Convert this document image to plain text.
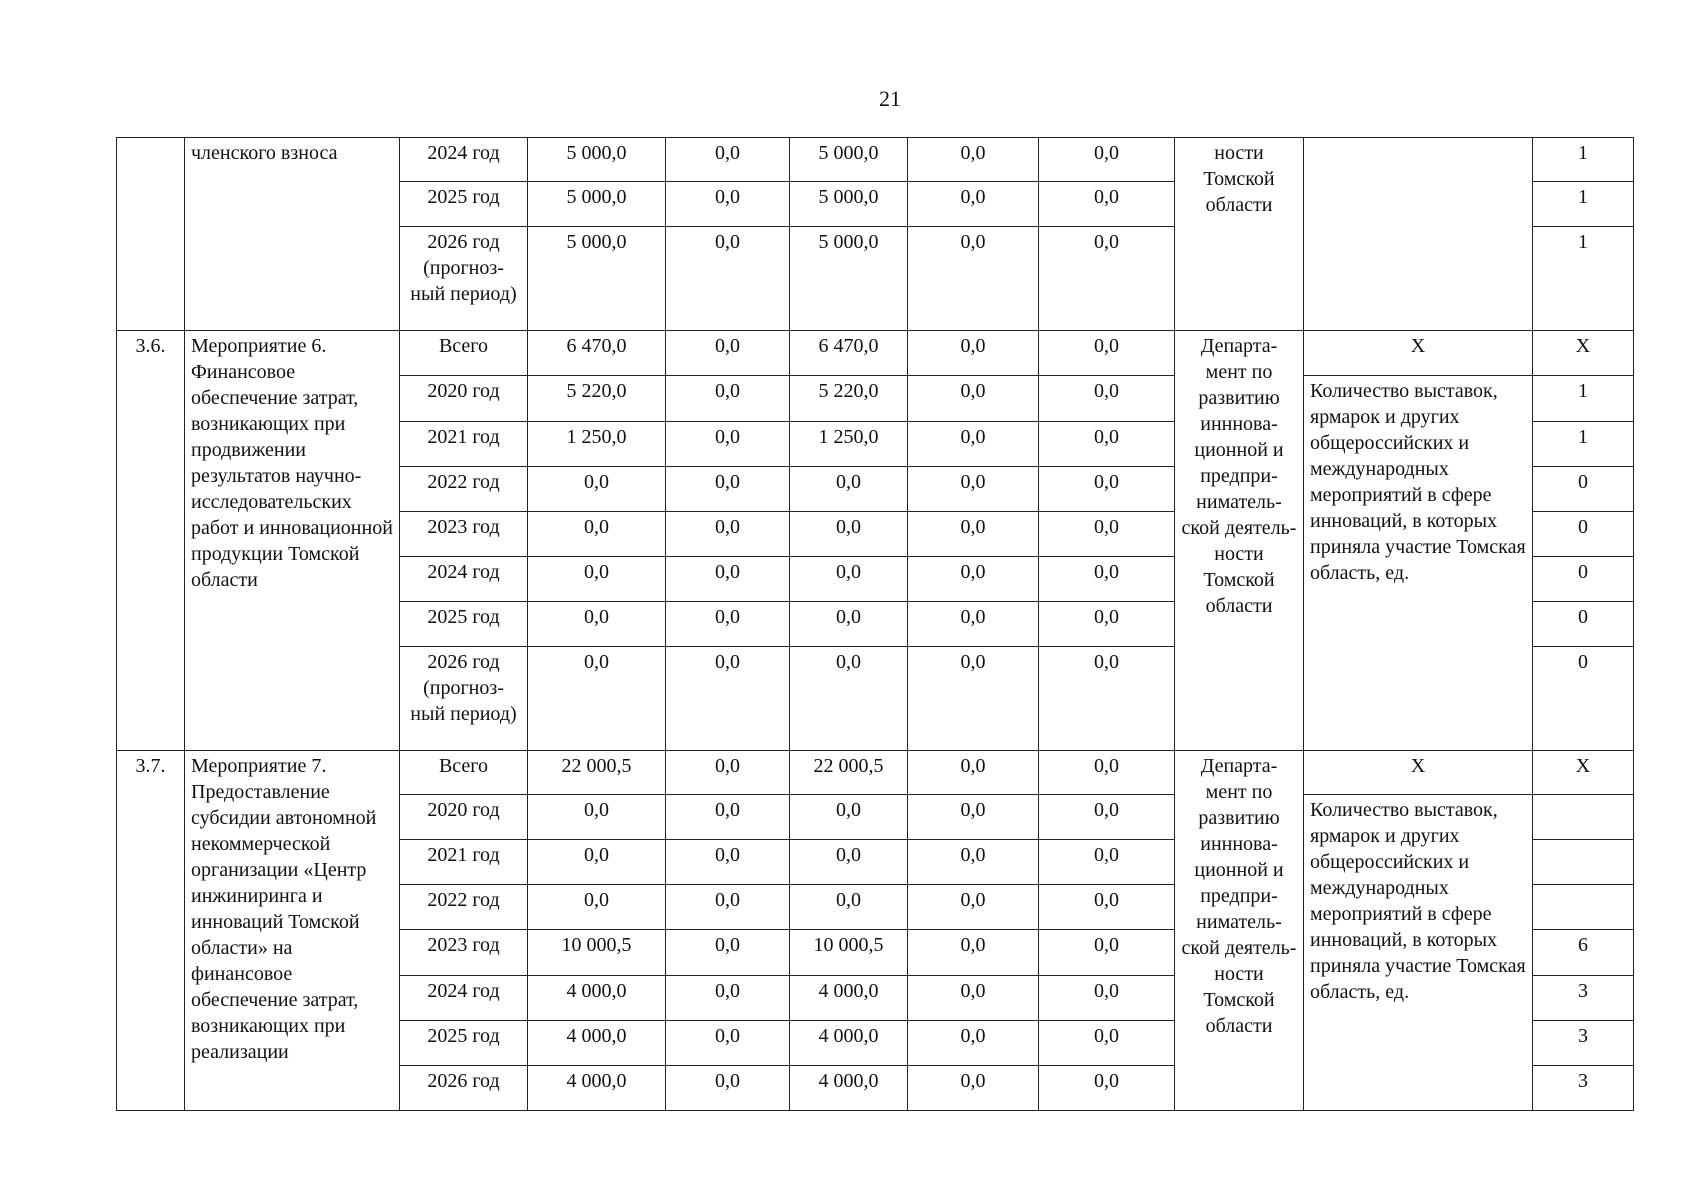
21
	членского взноса	2024 год	5 000,0	0,0	5 000,0	0,0	0,0	ности Томской области		1
		2025 год	5 000,0	0,0	5 000,0	0,0	0,0			1
		2026 год (прогноз-ный период)	5 000,0	0,0	5 000,0	0,0	0,0			1
3.6.	Мероприятие 6. Финансовое обеспечение затрат, возникающих при продвижении результатов научно-исследовательских работ и инновационной продукции Томской области	Всего	6 470,0	0,0	6 470,0	0,0	0,0	Департа-мент по развитию инннова-ционной и предпри-ниматель-ской деятель-ности Томской области	Х	Х
		2020 год	5 220,0	0,0	5 220,0	0,0	0,0		Количество выставок, ярмарок и других общероссийских и международных мероприятий в сфере инноваций, в которых приняла участие Томская область, ед.	1
		2021 год	1 250,0	0,0	1 250,0	0,0	0,0			1
		2022 год	0,0	0,0	0,0	0,0	0,0			0
		2023 год	0,0	0,0	0,0	0,0	0,0			0
		2024 год	0,0	0,0	0,0	0,0	0,0			0
		2025 год	0,0	0,0	0,0	0,0	0,0			0
		2026 год (прогноз-ный период)	0,0	0,0	0,0	0,0	0,0			0
3.7.	Мероприятие 7. Предоставление субсидии автономной некоммерческой организации «Центр инжиниринга и инноваций Томской области» на финансовое обеспечение затрат, возникающих при реализации	Всего	22 000,5	0,0	22 000,5	0,0	0,0	Департа-мент по развитию инннова-ционной и предпри-ниматель-ской деятель-ности Томской области	Х	Х
		2020 год	0,0	0,0	0,0	0,0	0,0		Количество выставок, ярмарок и других общероссийских и международных мероприятий в сфере инноваций, в которых приняла участие Томская область, ед.	
		2021 год	0,0	0,0	0,0	0,0	0,0			
		2022 год	0,0	0,0	0,0	0,0	0,0			
		2023 год	10 000,5	0,0	10 000,5	0,0	0,0			6
		2024 год	4 000,0	0,0	4 000,0	0,0	0,0			3
		2025 год	4 000,0	0,0	4 000,0	0,0	0,0			3
		2026 год	4 000,0	0,0	4 000,0	0,0	0,0			3
